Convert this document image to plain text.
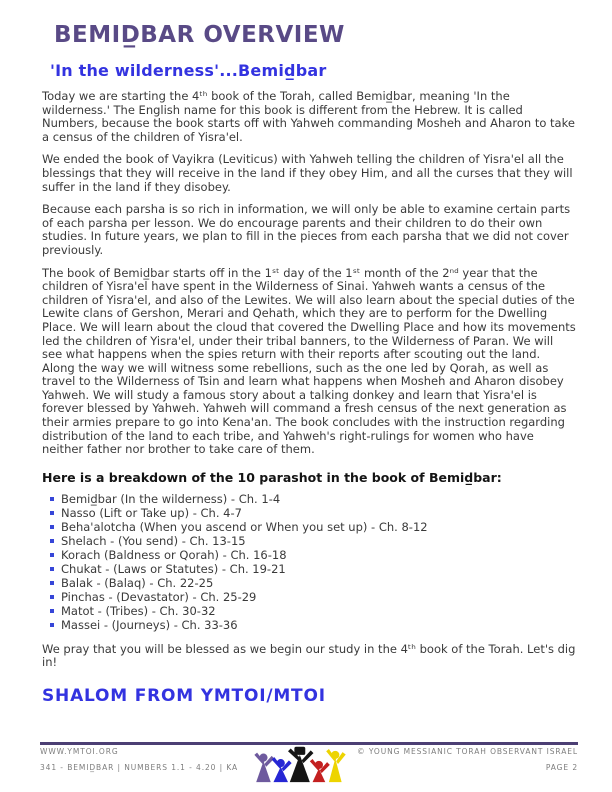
BEMID̲BAR OVERVIEW
'In the wilderness'...Bemid̲bar

Today we are starting the 4ᵗʰ book of the Torah, called Bemid̲bar, meaning 'In the wilderness.' The English name for this book is different from the Hebrew. It is called Numbers, because the book starts off with Yahweh commanding Mosheh and Aharon to take a census of the children of Yisra'el.

We ended the book of Vayikra (Leviticus) with Yahweh telling the children of Yisra'el all the blessings that they will receive in the land if they obey Him, and all the curses that they will suffer in the land if they disobey.

Because each parsha is so rich in information, we will only be able to examine certain parts of each parsha per lesson. We do encourage parents and their children to do their own studies. In future years, we plan to fill in the pieces from each parsha that we did not cover previously.

The book of Bemid̲bar starts off in the 1ˢᵗ day of the 1ˢᵗ month of the 2ⁿᵈ year that the children of Yisra'el have spent in the Wilderness of Sinai. Yahweh wants a census of the children of Yisra'el, and also of the Lewites. We will also learn about the special duties of the Lewite clans of Gershon, Merari and Qehath, which they are to perform for the Dwelling Place. We will learn about the cloud that covered the Dwelling Place and how its movements led the children of Yisra'el, under their tribal banners, to the Wilderness of Paran. We will see what happens when the spies return with their reports after scouting out the land. Along the way we will witness some rebellions, such as the one led by Qorah, as well as travel to the Wilderness of Tsin and learn what happens when Mosheh and Aharon disobey Yahweh. We will study a famous story about a talking donkey and learn that Yisra'el is forever blessed by Yahweh. Yahweh will command a fresh census of the next generation as their armies prepare to go into Kena'an. The book concludes with the instruction regarding distribution of the land to each tribe, and Yahweh's right-rulings for women who have neither father nor brother to take care of them.

Here is a breakdown of the 10 parashot in the book of Bemid̲bar:
Bemid̲bar (In the wilderness) - Ch. 1-4
Nasso (Lift or Take up) - Ch. 4-7
Beha'alotcha (When you ascend or When you set up) - Ch. 8-12
Shelach - (You send) - Ch. 13-15
Korach (Baldness or Qorah) - Ch. 16-18
Chukat - (Laws or Statutes) - Ch. 19-21
Balak - (Balaq) - Ch. 22-25
Pinchas - (Devastator) - Ch. 25-29
Matot - (Tribes) - Ch. 30-32
Massei - (Journeys) - Ch. 33-36

We pray that you will be blessed as we begin our study in the 4ᵗʰ book of the Torah. Let's dig in!

SHALOM FROM YMTOI/MTOI
WWW.YMTOI.ORG
341 - BEMID̲BAR | NUMBERS 1.1 - 4.20 | KA
© YOUNG MESSIANIC TORAH OBSERVANT ISRAEL
PAGE 2
